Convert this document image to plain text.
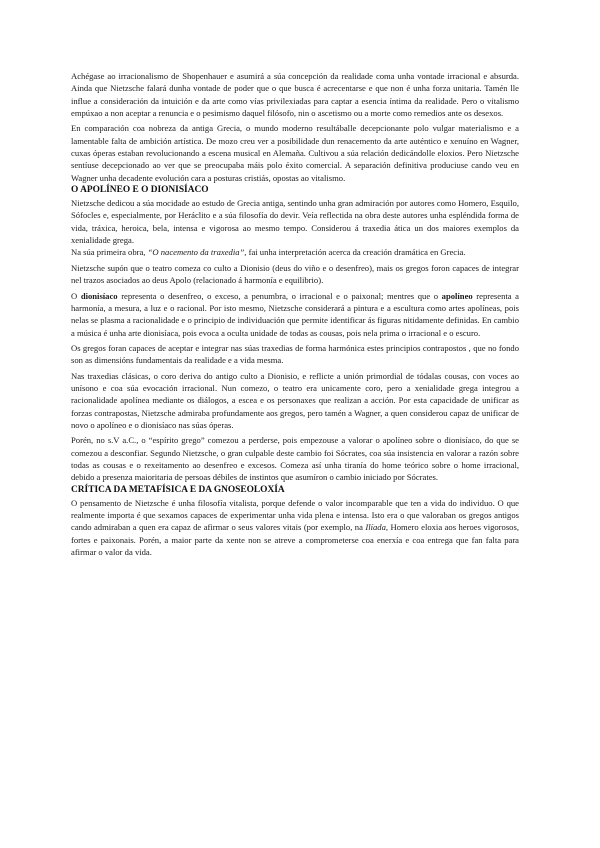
Achégase ao irracionalismo de Shopenhauer e asumirá a súa concepción da realidade coma unha vontade irracional e absurda. Ainda que Nietzsche falará dunha vontade de poder que o que busca é acrecentarse e que non é unha forza unitaria. Tamén lle influe a consideración da intuición e da arte como vías privilexiadas para captar a esencia íntima da realidade. Pero o vitalismo empúxao a non aceptar a renuncia e o pesimismo daquel filósofo, nin o ascetismo ou a morte como remedios ante os desexos.

En comparación coa nobreza da antiga Grecia, o mundo moderno resultáballe decepcionante polo vulgar materialismo e a lamentable falta de ambición artística. De mozo creu ver a posibilidade dun renacemento da arte auténtico e xenuíno en Wagner, cuxas óperas estaban revolucionando a escena musical en Alemaña. Cultivou a súa relación dedicándolle eloxios. Pero Nietzsche sentíuse decepcionado ao ver que se preocupaba máis polo éxito comercial. A separación definitiva produciuse cando veu en Wagner unha decadente evolución cara a posturas cristiás, opostas ao vitalismo.

O APOLÍNEO E O DIONISÍACO

Nietzsche dedicou a súa mocidade ao estudo de Grecia antiga, sentindo unha gran admiración por autores como Homero, Esquilo, Sófocles e, especialmente, por Heráclito e a súa filosofía do devir. Veía reflectida na obra deste autores unha espléndida forma de vida, tráxica, heroica, bela, intensa e vigorosa ao mesmo tempo. Considerou á traxedia ática un dos maiores exemplos da xenialidade grega.

Na súa primeira obra, “O nacemento da traxedia”, fai unha interpretación acerca da creación dramática en Grecia.

Nietzsche supón que o teatro comeza co culto a Dionisio (deus do viño e o desenfreo), mais os gregos foron capaces de integrar nel trazos asociados ao deus Apolo (relacionado á harmonía e equilibrio).

O dionisíaco representa o desenfreo, o exceso, a penumbra, o irracional e o paixonal; mentres que o apolíneo representa a harmonía, a mesura, a luz e o racional. Por isto mesmo, Nietzsche considerará a pintura e a escultura como artes apolíneas, pois nelas se plasma a racionalidade e o principio de individuación que permite identificar ás figuras nitidamente definidas. En cambio a música é unha arte dionisíaca, pois evoca a oculta unidade de todas as cousas, pois nela prima o irracional e o escuro.

Os gregos foran capaces de aceptar e integrar nas súas traxedias de forma harmónica estes principios contrapostos , que no fondo son as dimensións fundamentais da realidade e a vida mesma.

Nas traxedias clásicas, o coro deriva do antigo culto a Dionisio, e reflicte a unión primordial de tódalas cousas, con voces ao unísono e coa súa evocación irracional. Nun comezo, o teatro era unicamente coro, pero a xenialidade grega integrou a racionalidade apolínea mediante os diálogos, a escea e os personaxes que realizan a acción. Por esta capacidade de unificar as forzas contrapostas, Nietzsche admiraba profundamente aos gregos, pero tamén a Wagner, a quen considerou capaz de unificar de novo o apolíneo e o dionisíaco nas súas óperas.

Porén, no s.V a.C., o “espírito grego” comezou a perderse, pois empezouse a valorar o apolíneo sobre o dionisíaco, do que se comezou a desconfiar. Segundo Nietzsche, o gran culpable deste cambio foi Sócrates, coa súa insistencia en valorar a razón sobre todas as cousas e o rexeitamento ao desenfreo e excesos. Comeza así unha tiranía do home teórico sobre o home irracional, debido a presenza maioritaria de persoas débiles de instintos que asumíron o cambio iniciado por Sócrates.

CRÍTICA DA METAFÍSICA E DA GNOSEOLOXÍA

O pensamento de Nietzsche é unha filosofía vitalista, porque defende o valor incomparable que ten a vida do individuo. O que realmente importa é que sexamos capaces de experimentar unha vida plena e intensa. Isto era o que valoraban os gregos antigos cando admiraban a quen era capaz de afirmar o seus valores vitais (por exemplo, na Ilíada, Homero eloxia aos heroes vigorosos, fortes e paixonais. Porén, a maior parte da xente non se atreve a comprometerse coa enerxía e coa entrega que fan falta para afirmar o valor da vida.
